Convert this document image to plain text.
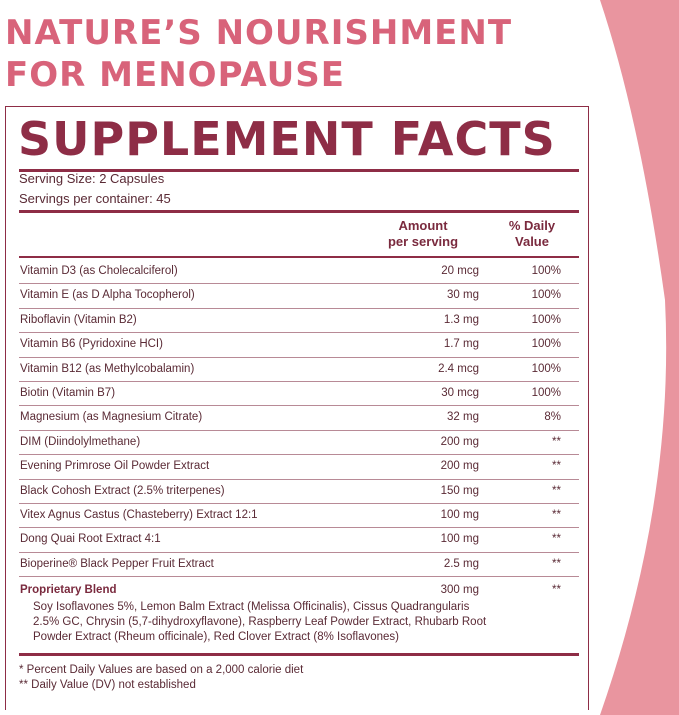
NATURE’S NOURISHMENT
FOR MENOPAUSE
SUPPLEMENT FACTS
Serving Size: 2 Capsules
Servings per container: 45
Amount
per serving
% Daily
Value
Vitamin D3 (as Cholecalciferol)	20 mcg	100%
Vitamin E (as D Alpha Tocopherol)	30 mg	100%
Riboflavin (Vitamin B2)	1.3 mg	100%
Vitamin B6 (Pyridoxine HCI)	1.7 mg	100%
Vitamin B12 (as Methylcobalamin)	2.4 mcg	100%
Biotin (Vitamin B7)	30 mcg	100%
Magnesium (as Magnesium Citrate)	32 mg	8%
DIM (Diindolylmethane)	200 mg	**
Evening Primrose Oil Powder Extract	200 mg	**
Black Cohosh Extract (2.5% triterpenes)	150 mg	**
Vitex Agnus Castus (Chasteberry) Extract 12:1	100 mg	**
Dong Quai Root Extract 4:1	100 mg	**
Bioperine® Black Pepper Fruit Extract	2.5 mg	**
Proprietary Blend	300 mg	**
Soy Isoflavones 5%, Lemon Balm Extract (Melissa Officinalis), Cissus Quadrangularis
2.5% GC, Chrysin (5,7-dihydroxyflavone), Raspberry Leaf Powder Extract, Rhubarb Root
Powder Extract (Rheum officinale), Red Clover Extract (8% Isoflavones)
* Percent Daily Values are based on a 2,000 calorie diet
** Daily Value (DV) not established
